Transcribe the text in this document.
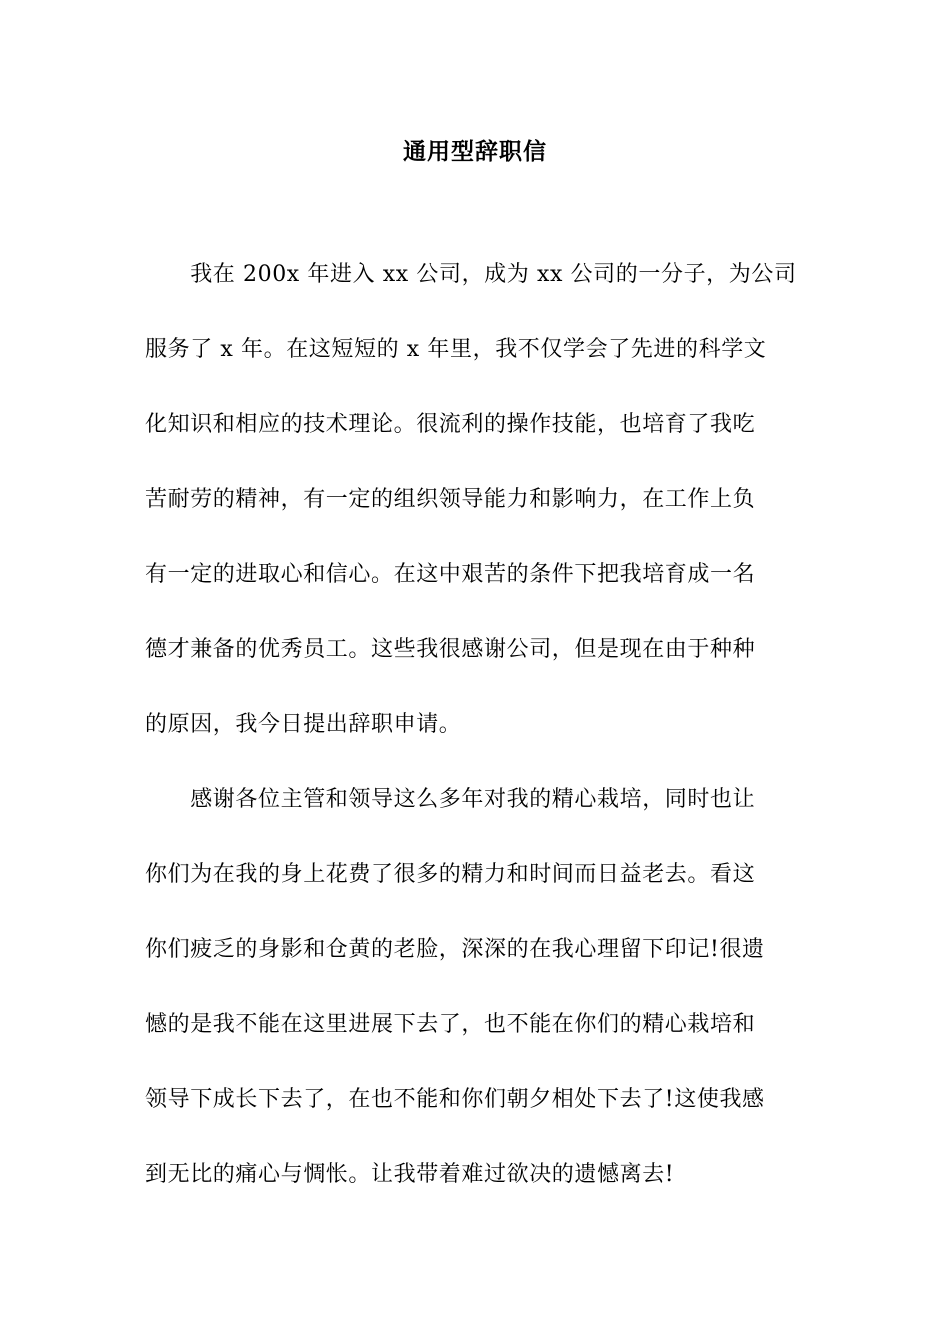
通用型辞职信
　　我在 200x 年进入 xx 公司，成为 xx 公司的一分子，为公司
服务了 x 年。在这短短的 x 年里，我不仅学会了先进的科学文
化知识和相应的技术理论。很流利的操作技能，也培育了我吃
苦耐劳的精神，有一定的组织领导能力和影响力，在工作上负
有一定的进取心和信心。在这中艰苦的条件下把我培育成一名
德才兼备的优秀员工。这些我很感谢公司，但是现在由于种种
的原因，我今日提出辞职申请。
　　感谢各位主管和领导这么多年对我的精心栽培，同时也让
你们为在我的身上花费了很多的精力和时间而日益老去。看这
你们疲乏的身影和仓黄的老脸，深深的在我心理留下印记!很遗
憾的是我不能在这里进展下去了，也不能在你们的精心栽培和
领导下成长下去了，在也不能和你们朝夕相处下去了!这使我感
到无比的痛心与惆怅。让我带着难过欲决的遗憾离去!
